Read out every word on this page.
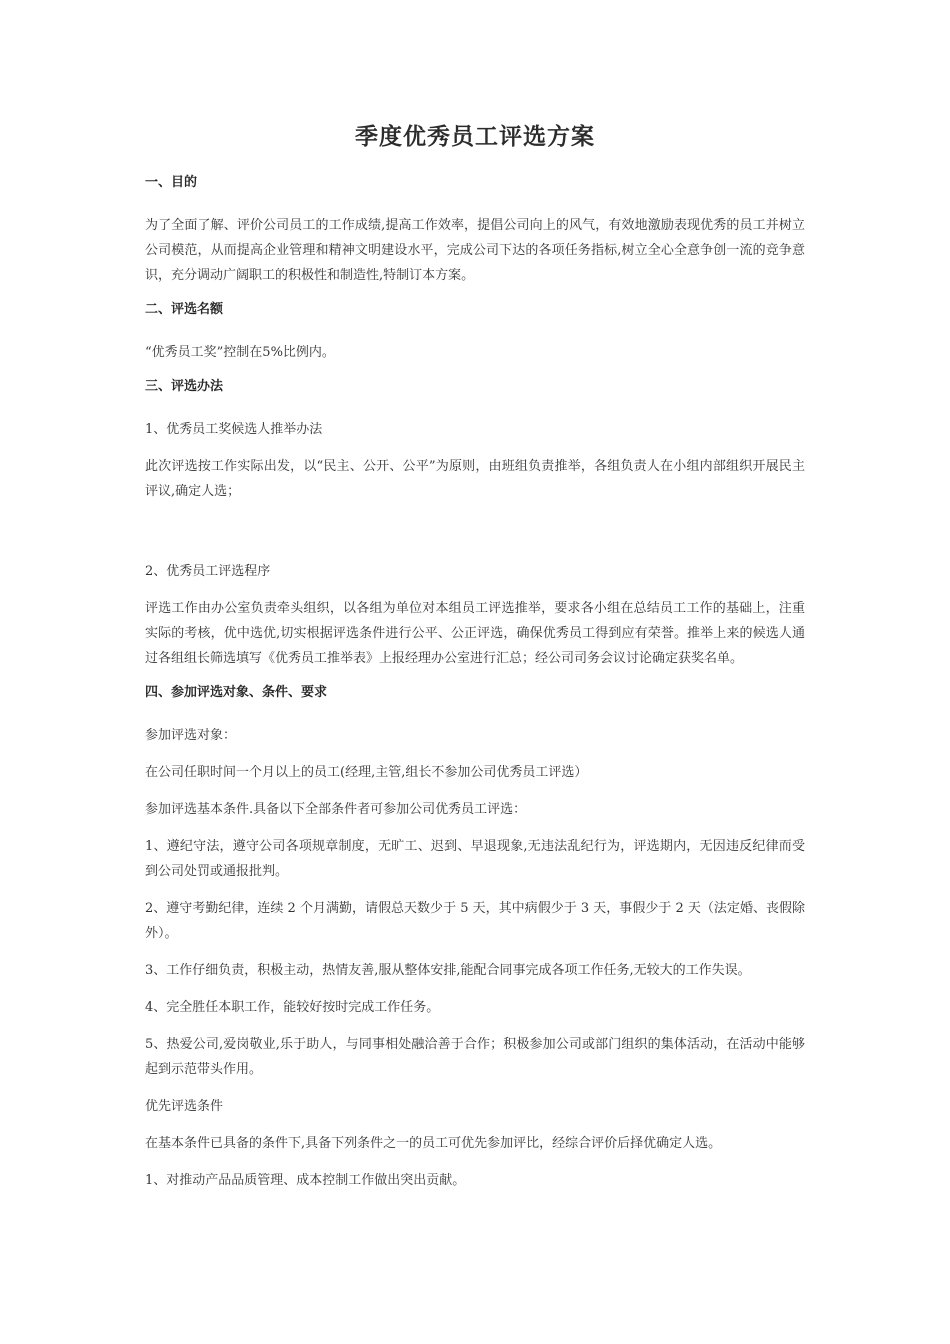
季度优秀员工评选方案
一、目的

为了全面了解、评价公司员工的工作成绩,提高工作效率，提倡公司向上的风气，有效地激励表现优秀的员工并树立公司模范，从而提高企业管理和精神文明建设水平，完成公司下达的各项任务指标,树立全心全意争创一流的竞争意识，充分调动广阔职工的积极性和制造性,特制订本方案。

二、评选名额

“优秀员工奖”控制在5%比例内。

三、评选办法

1、优秀员工奖候选人推举办法

此次评选按工作实际出发，以“民主、公开、公平”为原则，由班组负责推举，各组负责人在小组内部组织开展民主评议,确定人选；

2、优秀员工评选程序

评选工作由办公室负责牵头组织，以各组为单位对本组员工评选推举，要求各小组在总结员工工作的基础上，注重实际的考核，优中选优,切实根据评选条件进行公平、公正评选，确保优秀员工得到应有荣誉。推举上来的候选人通过各组组长筛选填写《优秀员工推举表》上报经理办公室进行汇总；经公司司务会议讨论确定获奖名单。

四、参加评选对象、条件、要求

参加评选对象：

在公司任职时间一个月以上的员工(经理,主管,组长不参加公司优秀员工评选）

参加评选基本条件.具备以下全部条件者可参加公司优秀员工评选：

1、遵纪守法，遵守公司各项规章制度，无旷工、迟到、早退现象,无违法乱纪行为，评选期内，无因违反纪律而受到公司处罚或通报批判。

2、遵守考勤纪律，连续 2 个月满勤，请假总天数少于 5 天，其中病假少于 3 天，事假少于 2 天（法定婚、丧假除外）。

3、工作仔细负责，积极主动，热情友善,服从整体安排,能配合同事完成各项工作任务,无较大的工作失误。

4、完全胜任本职工作，能较好按时完成工作任务。

5、热爱公司,爱岗敬业,乐于助人，与同事相处融洽善于合作；积极参加公司或部门组织的集体活动，在活动中能够起到示范带头作用。

优先评选条件

在基本条件已具备的条件下,具备下列条件之一的员工可优先参加评比，经综合评价后择优确定人选。

1、对推动产品品质管理、成本控制工作做出突出贡献。
